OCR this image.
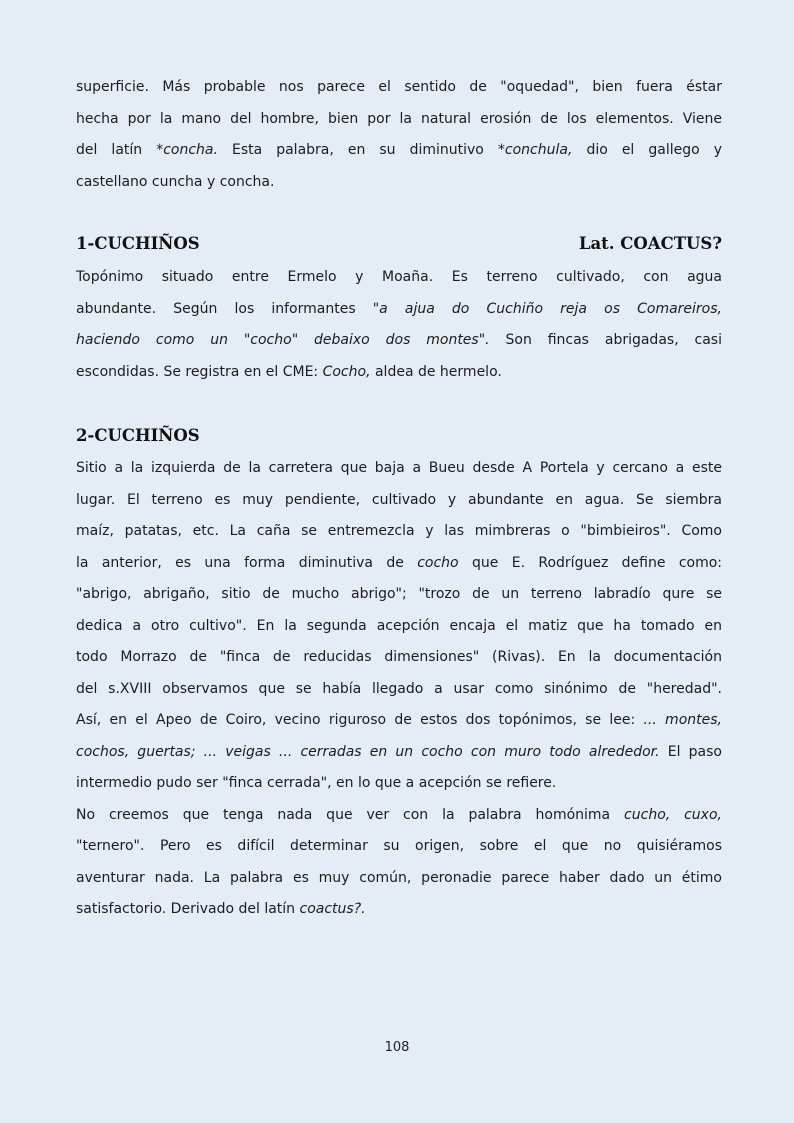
superficie. Más probable nos parece el sentido de "oquedad", bien fuera éstar
hecha por la mano del hombre, bien por la natural erosión de los elementos. Viene
del latín *concha. Esta palabra, en su diminutivo *conchula, dio el gallego y
castellano cuncha y concha.
1-CUCHIÑOS	Lat. COACTUS?
Topónimo situado entre Ermelo y Moaña. Es terreno cultivado, con agua
abundante. Según los informantes "a ajua do Cuchiño reja os Comareiros,
haciendo como un "cocho" debaixo dos montes". Son fincas abrigadas, casi
escondidas. Se registra en el CME: Cocho, aldea de hermelo.
2-CUCHIÑOS
Sitio a la izquierda de la carretera que baja a Bueu desde A Portela y cercano a este
lugar. El terreno es muy pendiente, cultivado y abundante en agua. Se siembra
maíz, patatas, etc. La caña se entremezcla y las mimbreras o "bimbieiros". Como
la anterior, es una forma diminutiva de cocho que E. Rodríguez define como:
"abrigo, abrigaño, sitio de mucho abrigo"; "trozo de un terreno labradío qure se
dedica a otro cultivo". En la segunda acepción encaja el matiz que ha tomado en
todo Morrazo de "finca de reducidas dimensiones" (Rivas). En la documentación
del s.XVIII observamos que se había llegado a usar como sinónimo de "heredad".
Así, en el Apeo de Coiro, vecino riguroso de estos dos topónimos, se lee: ... montes,
cochos, guertas; ... veigas ... cerradas en un cocho con muro todo alrededor. El paso
intermedio pudo ser "finca cerrada", en lo que a acepción se refiere.
No creemos que tenga nada que ver con la palabra homónima cucho, cuxo,
"ternero". Pero es difícil determinar su origen, sobre el que no quisiéramos
aventurar nada. La palabra es muy común, peronadie parece haber dado un étimo
satisfactorio. Derivado del latín coactus?.
108
